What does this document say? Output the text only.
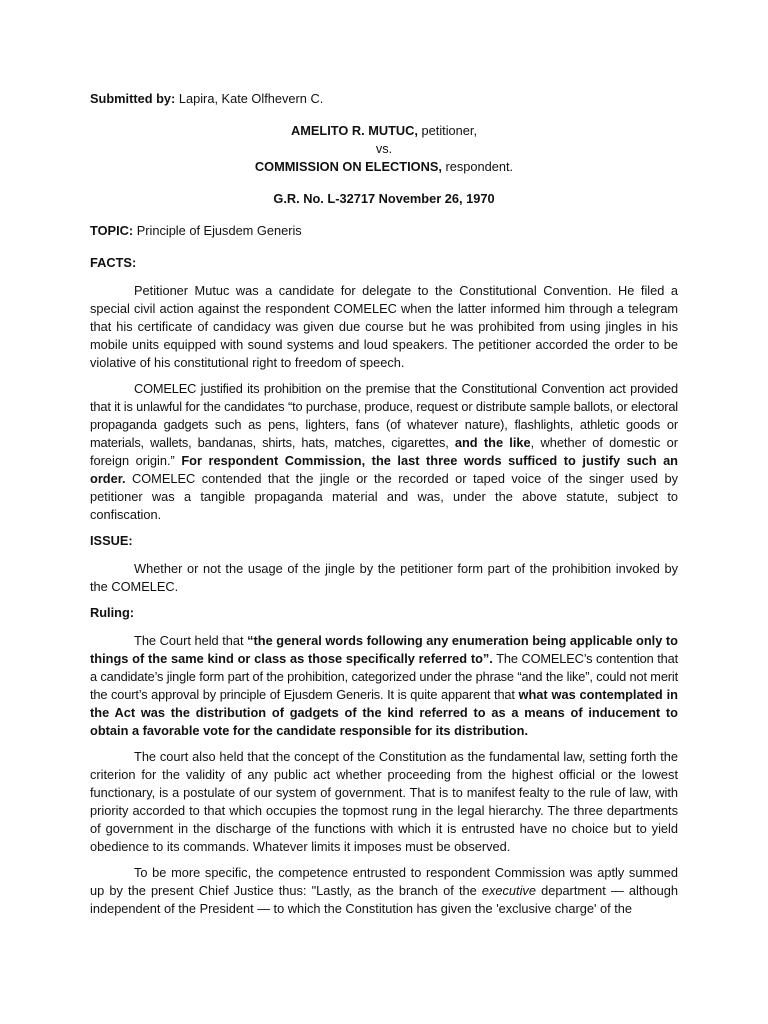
Submitted by: Lapira, Kate Olfhevern C.

AMELITO R. MUTUC, petitioner,
vs.
COMMISSION ON ELECTIONS, respondent.
G.R. No. L-32717 November 26, 1970

TOPIC: Principle of Ejusdem Generis

FACTS:

Petitioner Mutuc was a candidate for delegate to the Constitutional Convention. He filed a special civil action against the respondent COMELEC when the latter informed him through a telegram that his certificate of candidacy was given due course but he was prohibited from using jingles in his mobile units equipped with sound systems and loud speakers. The petitioner accorded the order to be violative of his constitutional right to freedom of speech.

COMELEC justified its prohibition on the premise that the Constitutional Convention act provided that it is unlawful for the candidates “to purchase, produce, request or distribute sample ballots, or electoral propaganda gadgets such as pens, lighters, fans (of whatever nature), flashlights, athletic goods or materials, wallets, bandanas, shirts, hats, matches, cigarettes, and the like, whether of domestic or foreign origin.” For respondent Commission, the last three words sufficed to justify such an order. COMELEC contended that the jingle or the recorded or taped voice of the singer used by petitioner was a tangible propaganda material and was, under the above statute, subject to confiscation.

ISSUE:

Whether or not the usage of the jingle by the petitioner form part of the prohibition invoked by the COMELEC.

Ruling:

The Court held that “the general words following any enumeration being applicable only to things of the same kind or class as those specifically referred to”. The COMELEC’s contention that a candidate’s jingle form part of the prohibition, categorized under the phrase “and the like”, could not merit the court’s approval by principle of Ejusdem Generis. It is quite apparent that what was contemplated in the Act was the distribution of gadgets of the kind referred to as a means of inducement to obtain a favorable vote for the candidate responsible for its distribution.

The court also held that the concept of the Constitution as the fundamental law, setting forth the criterion for the validity of any public act whether proceeding from the highest official or the lowest functionary, is a postulate of our system of government. That is to manifest fealty to the rule of law, with priority accorded to that which occupies the topmost rung in the legal hierarchy. The three departments of government in the discharge of the functions with which it is entrusted have no choice but to yield obedience to its commands. Whatever limits it imposes must be observed.

To be more specific, the competence entrusted to respondent Commission was aptly summed up by the present Chief Justice thus: "Lastly, as the branch of the executive department — although independent of the President — to which the Constitution has given the 'exclusive charge' of the
